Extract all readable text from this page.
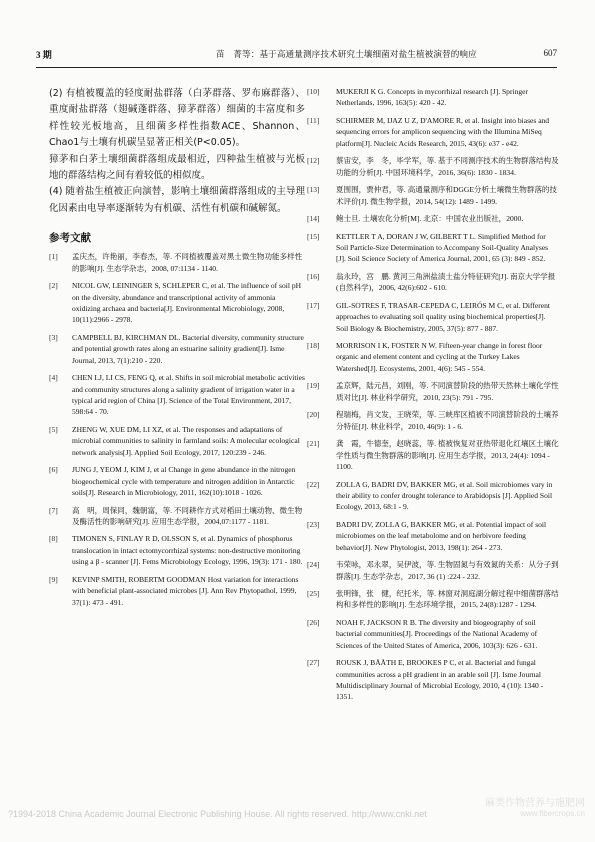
3 期	苗　菁等：基于高通量测序技术研究土壤细菌对盐生植被演替的响应	607

(2) 有植被覆盖的轻度耐盐群落（白茅群落、罗布麻群落）、重度耐盐群落（翅碱蓬群落、獐茅群落）细菌的丰富度和多样性较光板地高，且细菌多样性指数ACE、Shannon、Chao1与土壤有机碳呈显著正相关(P<0.05)。

獐茅和白茅土壤细菌群落组成最相近，四种盐生植被与光板地的群落结构之间有着较低的相似度。

(4) 随着盐生植被正向演替，影响土壤细菌群落组成的主导理化因素由电导率逐渐转为有机碳、活性有机碳和碱解氮。

参考文献
[1]	孟庆杰，许艳丽，李春杰，等. 不同植被覆盖对黑土微生物功能多样性的影响[J]. 生态学杂志，2008, 07:1134 - 1140.
[2]	NICOL GW, LEININGER S, SCHLEPER C, et al. The influence of soil pH on the diversity, abundance and transcriptional activity of ammonia oxidizing archaea and bacteria[J]. Environmental Microbiology, 2008, 10(11):2966 - 2978.
[3]	CAMPBELL BJ, KIRCHMAN DL. Bacterial diversity, community structure and potential growth rates along an estuarine salinity gradient[J]. Isme Journal, 2013, 7(1):210 - 220.
[4]	CHEN LJ, LI CS, FENG Q, et al. Shifts in soil microbial metabolic activities and community structures along a salinity gradient of irrigation water in a typical arid region of China [J]. Science of the Total Environment, 2017, 598:64 - 70.
[5]	ZHENG W, XUE DM, LI XZ, et al. The responses and adaptations of microbial communities to salinity in farmland soils: A molecular ecological network analysis[J]. Applied Soil Ecology, 2017, 120:239 - 246.
[6]	JUNG J, YEOM J, KIM J, et al Change in gene abundance in the nitrogen biogeochemical cycle with temperature and nitrogen addition in Antarctic soils[J]. Research in Microbiology, 2011, 162(10):1018 - 1026.
[7]	高　明，周保同，魏朝富，等. 不同耕作方式对稻田土壤动物、微生物及酶活性的影响研究[J]. 应用生态学报，2004,07:1177 - 1181.
[8]	TIMONEN S, FINLAY R D, OLSSON S, et al. Dynamics of phosphorus translocation in intact ectomycorrhizal systems: non-destructive monitoring using a β - scanner [J]. Fems Microbiology Ecology, 1996, 19(3): 171 - 180.
[9]	KEVINP SMITH, ROBERTM GOODMAN Host variation for interactions with beneficial plant-associated microbes [J]. Ann Rev Phytopathol, 1999, 37(1): 473 - 491.
[10]	MUKERJI K G. Concepts in mycorrhizal research [J]. Springer Netherlands, 1996, 163(5): 420 - 42.
[11]	SCHIRMER M, IJAZ U Z, D'AMORE R, et al. Insight into biases and sequencing errors for amplicon sequencing with the Illumina MiSeq platform[J]. Nucleic Acids Research, 2015, 43(6): e37 - e42.
[12]	蔡宙安，李　冬，毕学军，等. 基于不同测序技术的生物群落结构及功能的分析[J]. 中国环境科学，2016, 36(6): 1830 - 1834.
[13]	夏围围，贾仲君，等. 高通量测序和DGGE分析土壤微生物群落的技术评价[J]. 微生物学报，2014, 54(12): 1489 - 1499.
[14]	鲍士旦. 土壤农化分析[M]. 北京：中国农业出版社，2000.
[15]	KETTLER T A, DORAN J W, GILBERT T L. Simplified Method for Soil Particle-Size Determination to Accompany Soil-Quality Analyses [J]. Soil Science Society of America Journal, 2001, 65 (3): 849 - 852.
[16]	翁永玲，宫　鹏. 黄河三角洲盐渍土盐分特征研究[J]. 南京大学学报(自然科学)，2006, 42(6):602 - 610.
[17]	GIL-SOTRES F, TRASAR-CEPEDA C, LEIRÓS M C, et al. Different approaches to evaluating soil quality using biochemical properties[J]. Soil Biology & Biochemistry, 2005, 37(5): 877 - 887.
[18]	MORRISON I K, FOSTER N W. Fifteen-year change in forest floor organic and element content and cycling at the Turkey Lakes Watershed[J]. Ecosystems, 2001, 4(6): 545 - 554.
[19]	孟京辉，陆元昌，刘刚，等. 不同演替阶段的热带天然林土壤化学性质对比[J]. 林业科学研究，2010, 23(5): 791 - 795.
[20]	程瑞梅，肖文发，王晓荣，等. 三峡库区植被不同演替阶段的土壤养分特征[J]. 林业科学，2010, 46(9): 1 - 6.
[21]	龚　霞，牛德奎，赵晓蕊，等. 植被恢复对亚热带退化红壤区土壤化学性质与微生物群落的影响[J]. 应用生态学报，2013, 24(4): 1094 - 1100.
[22]	ZOLLA G, BADRI DV, BAKKER MG, et al. Soil microbiomes vary in their ability to confer drought tolerance to Arabidopsis [J]. Applied Soil Ecology, 2013, 68:1 - 9.
[23]	BADRI DV, ZOLLA G, BAKKER MG, et al. Potential impact of soil microbiomes on the leaf metabolome and on herbivore feeding behavior[J]. New Phytologist, 2013, 198(1): 264 - 273.
[24]	韦荣咏，邓永翠，吴伊波，等. 生物固氮与有效氮的关系：从分子到群落[J]. 生态学杂志，2017, 36 (1) :224 - 232.
[25]	张明锋，张　健，纪托米，等. 林窗对洞庭湖分解过程中细菌群落结构和多样性的影响[J]. 生态环境学报，2015, 24(8):1287 - 1294.
[26]	NOAH F, JACKSON R B. The diversity and biogeography of soil bacterial communities[J]. Proceedings of the National Academy of Sciences of the United States of America, 2006, 103(3): 626 - 631.
[27]	ROUSK J, BÅÅTH E, BROOKES P C, et al. Bacterial and fungal communities across a pH gradient in an arable soil [J]. Isme Journal Multidisciplinary Journal of Microbial Ecology, 2010, 4 (10): 1340 - 1351.
?1994-2018 China Academic Journal Electronic Publishing House. All rights reserved. http://www.cnki.net
麻类作物营养与施肥网
www.fibercrops.cn
